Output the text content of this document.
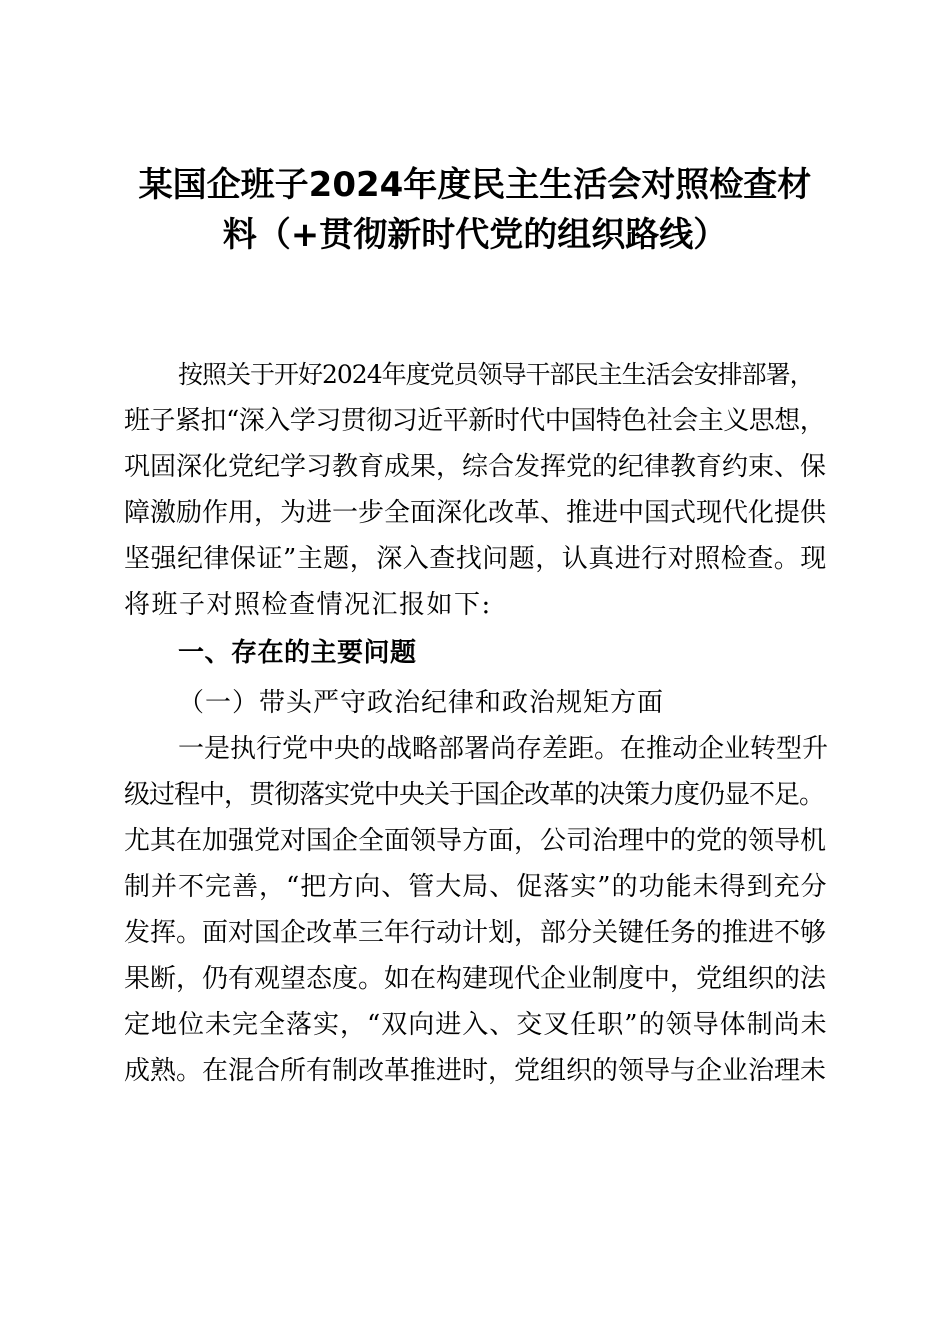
某国企班子2024年度民主生活会对照检查材
料（+贯彻新时代党的组织路线）
按照关于开好2024年度党员领导干部民主生活会安排部署，
班子紧扣“深入学习贯彻习近平新时代中国特色社会主义思想，
巩固深化党纪学习教育成果，综合发挥党的纪律教育约束、保
障激励作用，为进一步全面深化改革、推进中国式现代化提供
坚强纪律保证”主题，深入查找问题，认真进行对照检查。现
将班子对照检查情况汇报如下:
一、存在的主要问题
（一）带头严守政治纪律和政治规矩方面
一是执行党中央的战略部署尚存差距。在推动企业转型升
级过程中，贯彻落实党中央关于国企改革的决策力度仍显不足。
尤其在加强党对国企全面领导方面，公司治理中的党的领导机
制并不完善，“把方向、管大局、促落实”的功能未得到充分
发挥。面对国企改革三年行动计划，部分关键任务的推进不够
果断，仍有观望态度。如在构建现代企业制度中，党组织的法
定地位未完全落实，“双向进入、交叉任职”的领导体制尚未
成熟。在混合所有制改革推进时，党组织的领导与企业治理未
